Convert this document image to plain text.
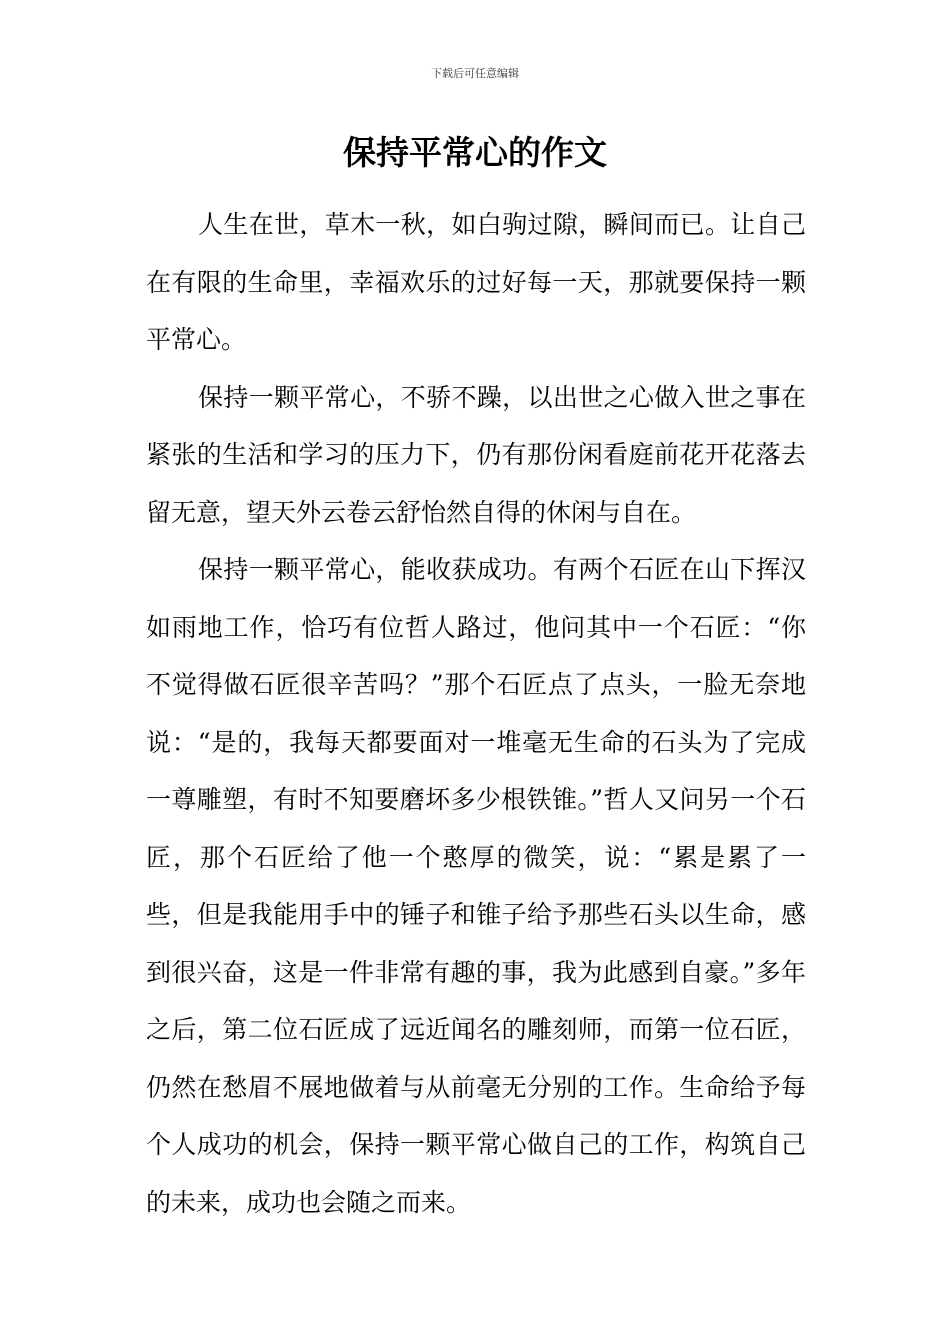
下载后可任意编辑
保持平常心的作文

人生在世，草木一秋，如白驹过隙，瞬间而已。让自己在有限的生命里，幸福欢乐的过好每一天，那就要保持一颗平常心。

保持一颗平常心，不骄不躁，以出世之心做入世之事在紧张的生活和学习的压力下，仍有那份闲看庭前花开花落去留无意，望天外云卷云舒怡然自得的休闲与自在。

保持一颗平常心，能收获成功。有两个石匠在山下挥汉如雨地工作，恰巧有位哲人路过，他问其中一个石匠：“你不觉得做石匠很辛苦吗？”那个石匠点了点头，一脸无奈地说：“是的，我每天都要面对一堆毫无生命的石头为了完成一尊雕塑，有时不知要磨坏多少根铁锥。”哲人又问另一个石匠，那个石匠给了他一个憨厚的微笑，说：“累是累了一些，但是我能用手中的锤子和锥子给予那些石头以生命，感到很兴奋，这是一件非常有趣的事，我为此感到自豪。”多年之后，第二位石匠成了远近闻名的雕刻师，而第一位石匠，仍然在愁眉不展地做着与从前毫无分别的工作。生命给予每个人成功的机会，保持一颗平常心做自己的工作，构筑自己的未来，成功也会随之而来。
